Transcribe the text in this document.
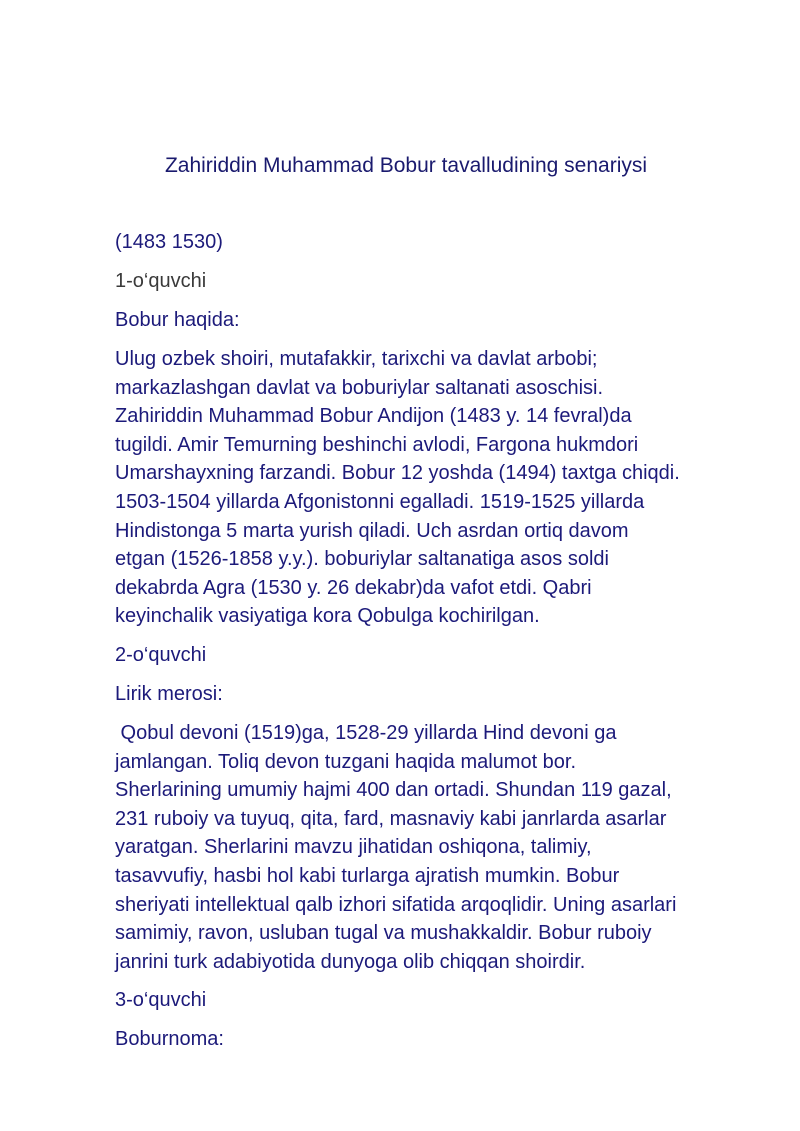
Zahiriddin Muhammad Bobur tavalludining senariysi
(1483 1530)
1-o‘quvchi
Bobur haqida:
Ulug ozbek shoiri, mutafakkir, tarixchi va davlat arbobi;
markazlashgan davlat va boburiylar saltanati asoschisi.
Zahiriddin Muhammad Bobur Andijon (1483 y. 14 fevral)da
tugildi. Amir Temurning beshinchi avlodi, Fargona hukmdori
Umarshayxning farzandi. Bobur 12 yoshda (1494) taxtga chiqdi.
1503-1504 yillarda Afgonistonni egalladi. 1519-1525 yillarda
Hindistonga 5 marta yurish qiladi. Uch asrdan ortiq davom
etgan (1526-1858 y.y.). boburiylar saltanatiga asos soldi
dekabrda Agra (1530 y. 26 dekabr)da vafot etdi. Qabri
keyinchalik vasiyatiga kora Qobulga kochirilgan.
2-o‘quvchi
Lirik merosi:
Qobul devoni (1519)ga, 1528-29 yillarda Hind devoni ga
jamlangan. Toliq devon tuzgani haqida malumot bor.
Sherlarining umumiy hajmi 400 dan ortadi. Shundan 119 gazal,
231 ruboiy va tuyuq, qita, fard, masnaviy kabi janrlarda asarlar
yaratgan. Sherlarini mavzu jihatidan oshiqona, talimiy,
tasavvufiy, hasbi hol kabi turlarga ajratish mumkin. Bobur
sheriyati intellektual qalb izhori sifatida arqoqlidir. Uning asarlari
samimiy, ravon, usluban tugal va mushakkaldir. Bobur ruboiy
janrini turk adabiyotida dunyoga olib chiqqan shoirdir.
3-o‘quvchi
Boburnoma:
